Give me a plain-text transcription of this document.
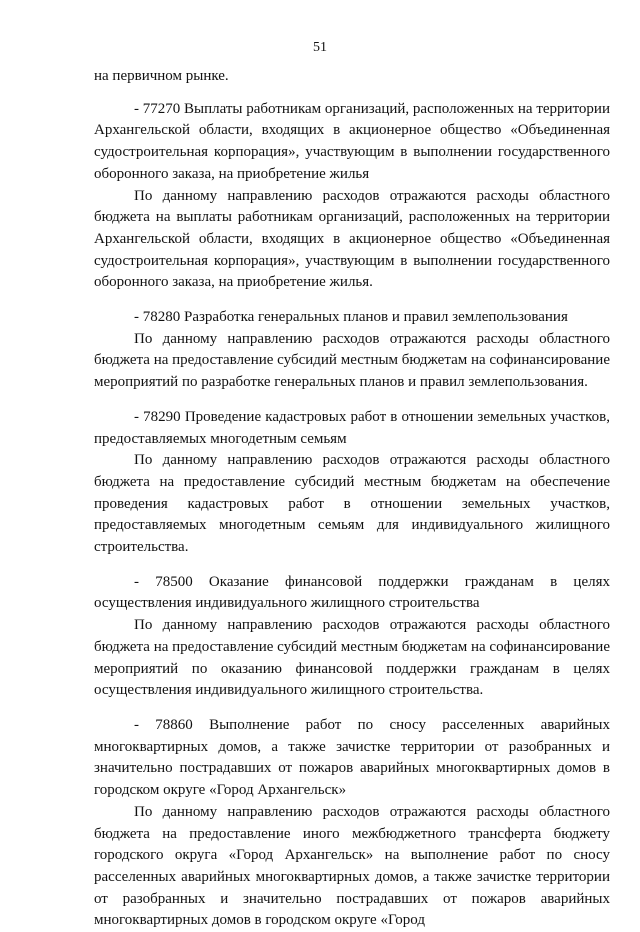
51

на первичном рынке.

- 77270 Выплаты работникам организаций, расположенных на территории Архангельской области, входящих в акционерное общество «Объединенная судостроительная корпорация», участвующим в выполнении государственного оборонного заказа, на приобретение жилья

По данному направлению расходов отражаются расходы областного бюджета на выплаты работникам организаций, расположенных на территории Архангельской области, входящих в акционерное общество «Объединенная судостроительная корпорация», участвующим в выполнении государственного оборонного заказа, на приобретение жилья.

- 78280 Разработка генеральных планов и правил землепользования

По данному направлению расходов отражаются расходы областного бюджета на предоставление субсидий местным бюджетам на софинансирование мероприятий по разработке генеральных планов и правил землепользования.

- 78290 Проведение кадастровых работ в отношении земельных участков, предоставляемых многодетным семьям

По данному направлению расходов отражаются расходы областного бюджета на предоставление субсидий местным бюджетам на обеспечение проведения кадастровых работ в отношении земельных участков, предоставляемых многодетным семьям для индивидуального жилищного строительства.

- 78500 Оказание финансовой поддержки гражданам в целях осуществления индивидуального жилищного строительства

По данному направлению расходов отражаются расходы областного бюджета на предоставление субсидий местным бюджетам на софинансирование мероприятий по оказанию финансовой поддержки гражданам в целях осуществления индивидуального жилищного строительства.

- 78860 Выполнение работ по сносу расселенных аварийных многоквартирных домов, а также зачистке территории от разобранных и значительно пострадавших от пожаров аварийных многоквартирных домов в городском округе «Город Архангельск»

По данному направлению расходов отражаются расходы областного бюджета на предоставление иного межбюджетного трансферта бюджету городского округа «Город Архангельск» на выполнение работ по сносу расселенных аварийных многоквартирных домов, а также зачистке территории от разобранных и значительно пострадавших от пожаров аварийных многоквартирных домов в городском округе «Город
